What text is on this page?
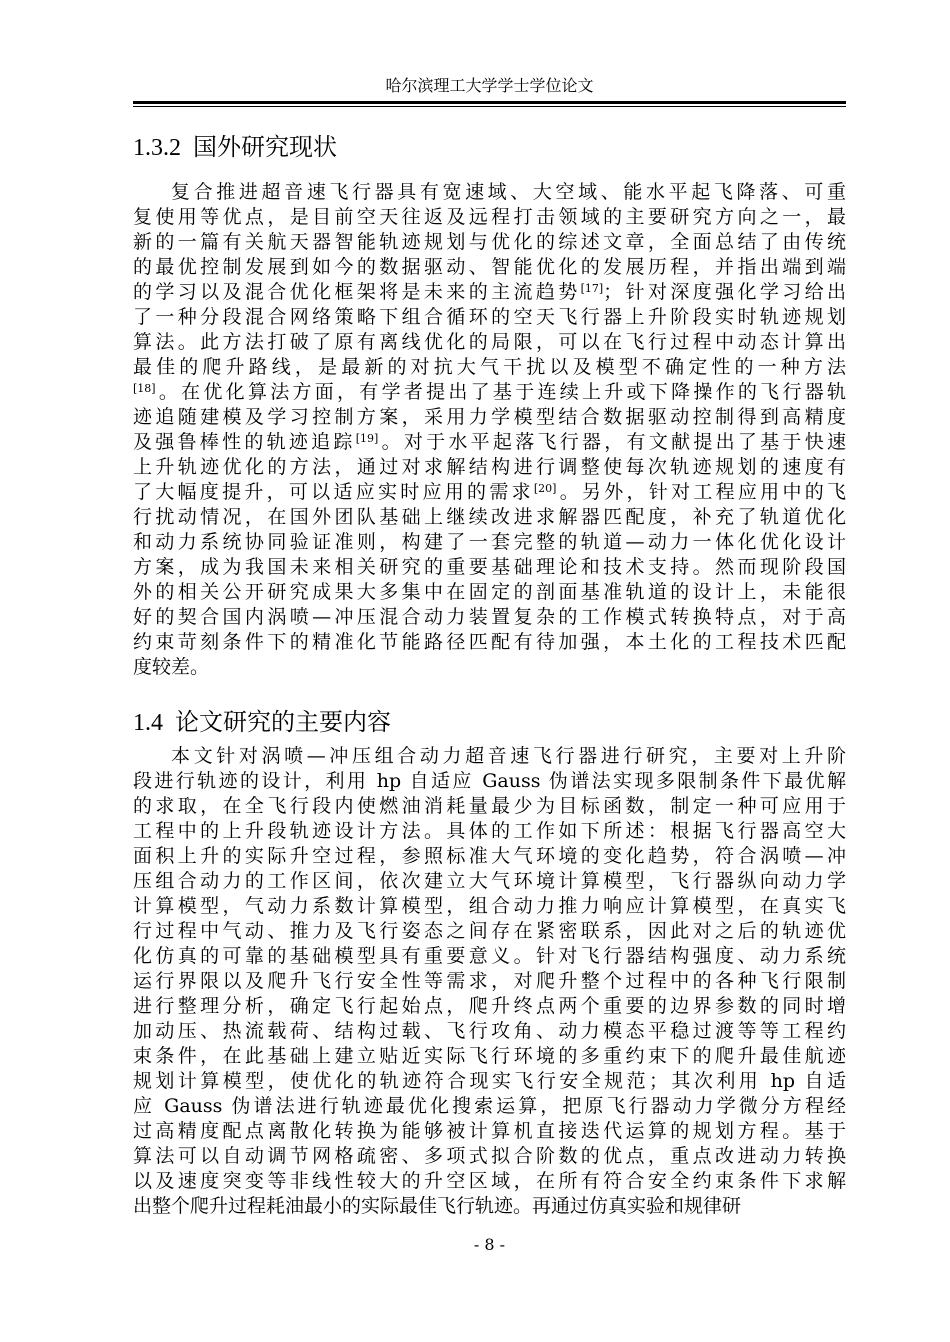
哈尔滨理工大学学士学位论文
1.3.2 国外研究现状
复合推进超音速飞行器具有宽速域、大空域、能水平起飞降落、可重
复使用等优点，是目前空天往返及远程打击领域的主要研究方向之一，最
新的一篇有关航天器智能轨迹规划与优化的综述文章，全面总结了由传统
的最优控制发展到如今的数据驱动、智能优化的发展历程，并指出端到端
的学习以及混合优化框架将是未来的主流趋势[17]；针对深度强化学习给出
了一种分段混合网络策略下组合循环的空天飞行器上升阶段实时轨迹规划
算法。此方法打破了原有离线优化的局限，可以在飞行过程中动态计算出
最佳的爬升路线，是最新的对抗大气干扰以及模型不确定性的一种方法
[18]。在优化算法方面，有学者提出了基于连续上升或下降操作的飞行器轨
迹追随建模及学习控制方案，采用力学模型结合数据驱动控制得到高精度
及强鲁棒性的轨迹追踪[19]。对于水平起落飞行器，有文献提出了基于快速
上升轨迹优化的方法，通过对求解结构进行调整使每次轨迹规划的速度有
了大幅度提升，可以适应实时应用的需求[20]。另外，针对工程应用中的飞
行扰动情况，在国外团队基础上继续改进求解器匹配度，补充了轨道优化
和动力系统协同验证准则，构建了一套完整的轨道—动力一体化优化设计
方案，成为我国未来相关研究的重要基础理论和技术支持。然而现阶段国
外的相关公开研究成果大多集中在固定的剖面基准轨道的设计上，未能很
好的契合国内涡喷—冲压混合动力装置复杂的工作模式转换特点，对于高
约束苛刻条件下的精准化节能路径匹配有待加强，本土化的工程技术匹配
度较差。
1.4 论文研究的主要内容
本文针对涡喷—冲压组合动力超音速飞行器进行研究，主要对上升阶
段进行轨迹的设计，利用 hp 自适应 Gauss 伪谱法实现多限制条件下最优解
的求取，在全飞行段内使燃油消耗量最少为目标函数，制定一种可应用于
工程中的上升段轨迹设计方法。具体的工作如下所述：根据飞行器高空大
面积上升的实际升空过程，参照标准大气环境的变化趋势，符合涡喷—冲
压组合动力的工作区间，依次建立大气环境计算模型，飞行器纵向动力学
计算模型，气动力系数计算模型，组合动力推力响应计算模型，在真实飞
行过程中气动、推力及飞行姿态之间存在紧密联系，因此对之后的轨迹优
化仿真的可靠的基础模型具有重要意义。针对飞行器结构强度、动力系统
运行界限以及爬升飞行安全性等需求，对爬升整个过程中的各种飞行限制
进行整理分析，确定飞行起始点，爬升终点两个重要的边界参数的同时增
加动压、热流载荷、结构过载、飞行攻角、动力模态平稳过渡等等工程约
束条件，在此基础上建立贴近实际飞行环境的多重约束下的爬升最佳航迹
规划计算模型，使优化的轨迹符合现实飞行安全规范；其次利用 hp 自适
应 Gauss 伪谱法进行轨迹最优化搜索运算，把原飞行器动力学微分方程经
过高精度配点离散化转换为能够被计算机直接迭代运算的规划方程。基于
算法可以自动调节网格疏密、多项式拟合阶数的优点，重点改进动力转换
以及速度突变等非线性较大的升空区域，在所有符合安全约束条件下求解
出整个爬升过程耗油最小的实际最佳飞行轨迹。再通过仿真实验和规律研
- 8 -
